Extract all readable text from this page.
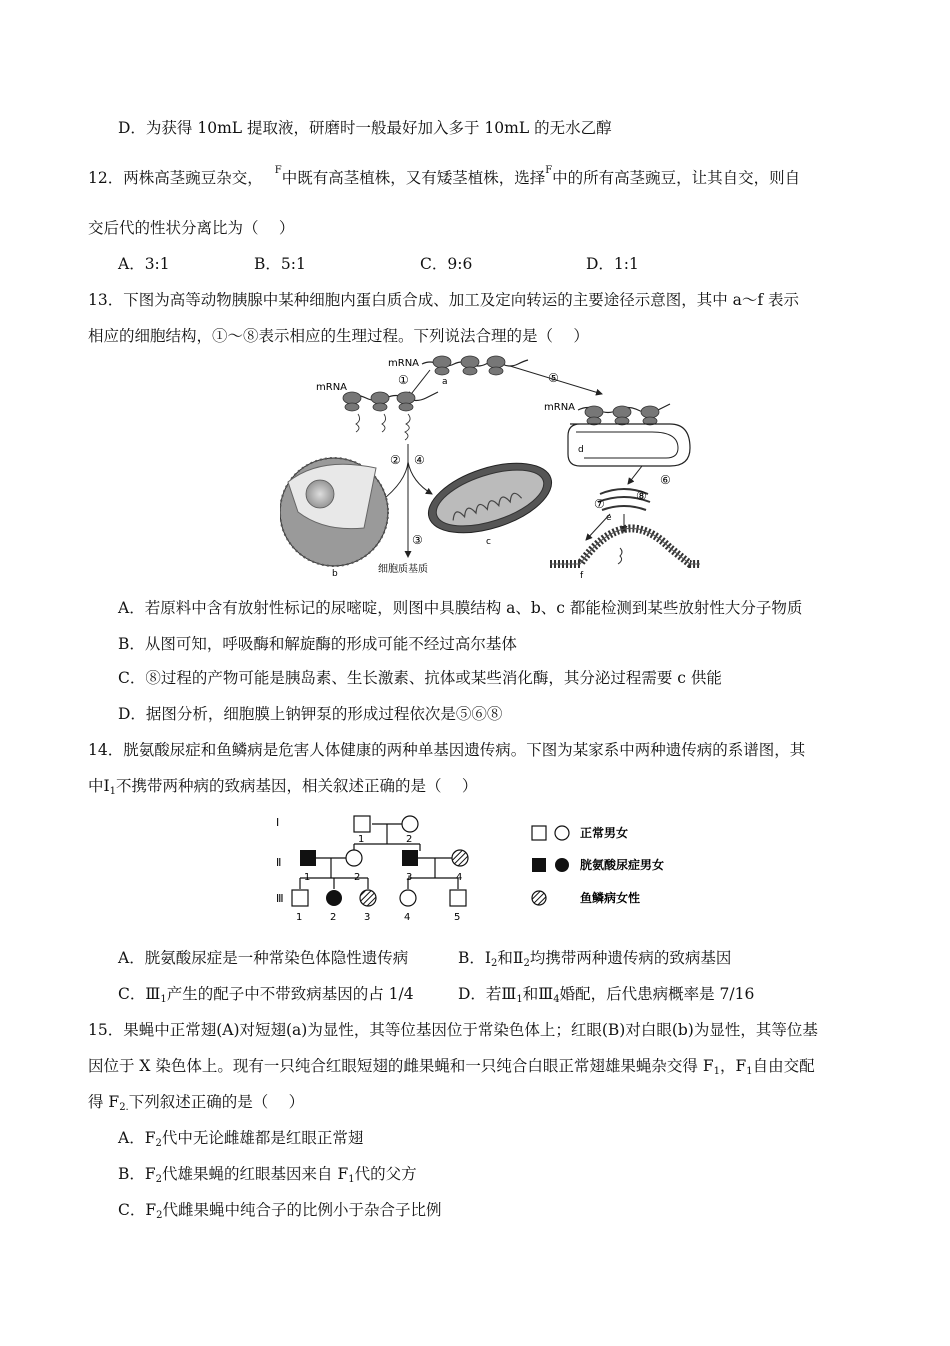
D．为获得 10mL 提取液，研磨时一般最好加入多于 10mL 的无水乙醇
12．两株高茎豌豆杂交， $^F$中既有高茎植株，又有矮茎植株，选择$^F$中的所有高茎豌豆，让其自交，则自
交后代的性状分离比为（　 ）
A．3:1	B．5:1	C．9:6	D．1:1
13．下图为高等动物胰腺中某种细胞内蛋白质合成、加工及定向转运的主要途径示意图，其中 a～f 表示
相应的细胞结构，①～⑧表示相应的生理过程。下列说法合理的是（　 ）
mRNA
a
①	⑤
mRNA
② ④
③
细胞质基质
b
c
mRNA
d
⑥
e
⑦
⑧
f
A．若原料中含有放射性标记的尿嘧啶，则图中具膜结构 a、b、c 都能检测到某些放射性大分子物质
B．从图可知，呼吸酶和解旋酶的形成可能不经过高尔基体
C．⑧过程的产物可能是胰岛素、生长激素、抗体或某些消化酶，其分泌过程需要 c 供能
D．据图分析，细胞膜上钠钾泵的形成过程依次是⑤⑥⑧
14．胱氨酸尿症和鱼鳞病是危害人体健康的两种单基因遗传病。下图为某家系中两种遗传病的系谱图，其
中$Ⅰ_1$不携带两种病的致病基因，相关叙述正确的是（　 ）
Ⅰ
Ⅱ
Ⅲ
1	2
1	2	3	4
1	2	3	4	5
正常男女
胱氨酸尿症男女
鱼鳞病女性
A．胱氨酸尿症是一种常染色体隐性遗传病	B．$Ⅰ_2$和$Ⅱ_2$均携带两种遗传病的致病基因
C．$Ⅲ_1$产生的配子中不带致病基因的占 1/4	D．若$Ⅲ_1$和$Ⅲ_4$婚配，后代患病概率是 7/16
15．果蝇中正常翅(A)对短翅(a)为显性，其等位基因位于常染色体上；红眼(B)对白眼(b)为显性，其等位基
因位于 X 染色体上。现有一只纯合红眼短翅的雌果蝇和一只纯合白眼正常翅雄果蝇杂交得 $F_1$，$F_1$自由交配
得 $F_{2.}$下列叙述正确的是（　 ）
A．$F_2$代中无论雌雄都是红眼正常翅
B．$F_2$代雄果蝇的红眼基因来自 $F_1$代的父方
C．$F_2$代雌果蝇中纯合子的比例小于杂合子比例
